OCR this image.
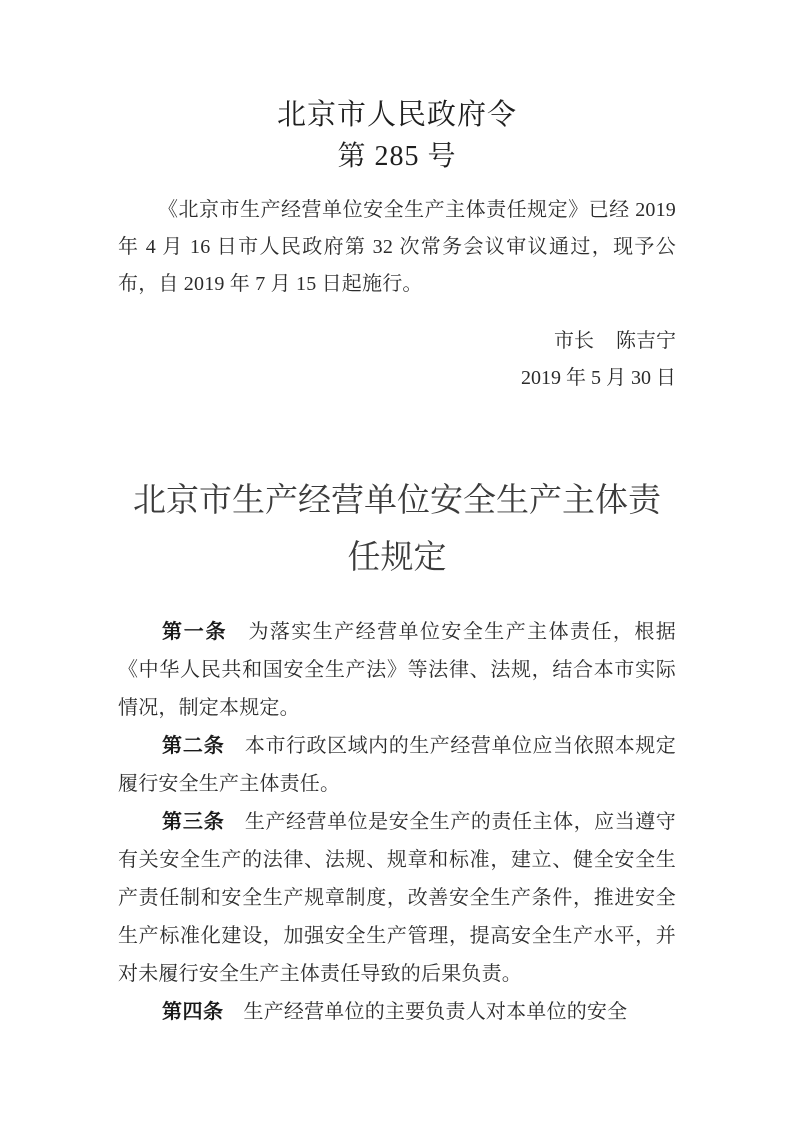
北京市人民政府令
第 285 号

《北京市生产经营单位安全生产主体责任规定》已经 2019 年 4 月 16 日市人民政府第 32 次常务会议审议通过，现予公布，自 2019 年 7 月 15 日起施行。

市长 陈吉宁
2019 年 5 月 30 日
北京市生产经营单位安全生产主体责任规定

第一条 为落实生产经营单位安全生产主体责任，根据《中华人民共和国安全生产法》等法律、法规，结合本市实际情况，制定本规定。

第二条 本市行政区域内的生产经营单位应当依照本规定履行安全生产主体责任。

第三条 生产经营单位是安全生产的责任主体，应当遵守有关安全生产的法律、法规、规章和标准，建立、健全安全生产责任制和安全生产规章制度，改善安全生产条件，推进安全生产标准化建设，加强安全生产管理，提高安全生产水平，并对未履行安全生产主体责任导致的后果负责。

第四条 生产经营单位的主要负责人对本单位的安全
